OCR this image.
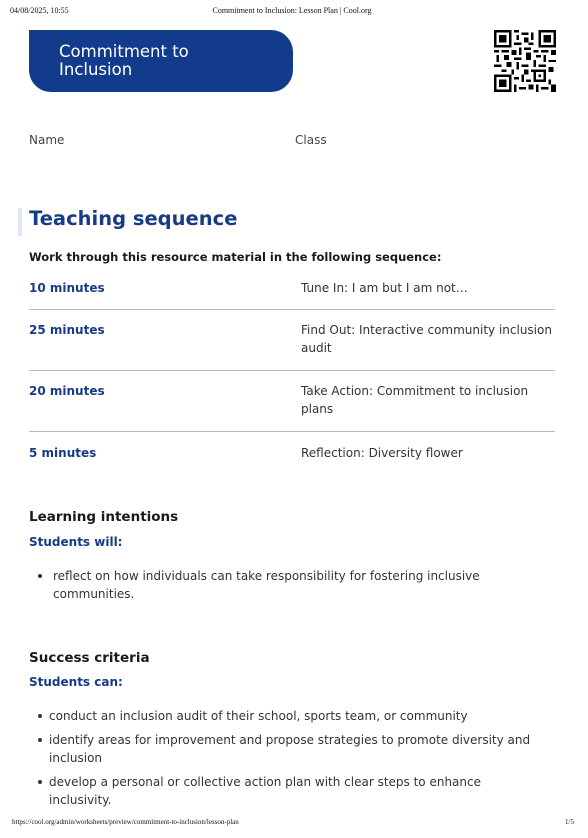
04/08/2025, 10:55	Commitment to Inclusion: Lesson Plan | Cool.org
Commitment to Inclusion
Name	Class
Teaching sequence

Work through this resource material in the following sequence:

10 minutes	Tune In: I am but I am not…
25 minutes	Find Out: Interactive community inclusion audit
20 minutes	Take Action: Commitment to inclusion plans
5 minutes	Reflection: Diversity flower
Learning intentions
Students will:
reflect on how individuals can take responsibility for fostering inclusive communities.
Success criteria
Students can:
conduct an inclusion audit of their school, sports team, or community
identify areas for improvement and propose strategies to promote diversity and inclusion
develop a personal or collective action plan with clear steps to enhance inclusivity.
https://cool.org/admin/worksheets/preview/commitment-to-inclusion/lesson-plan	1/5
